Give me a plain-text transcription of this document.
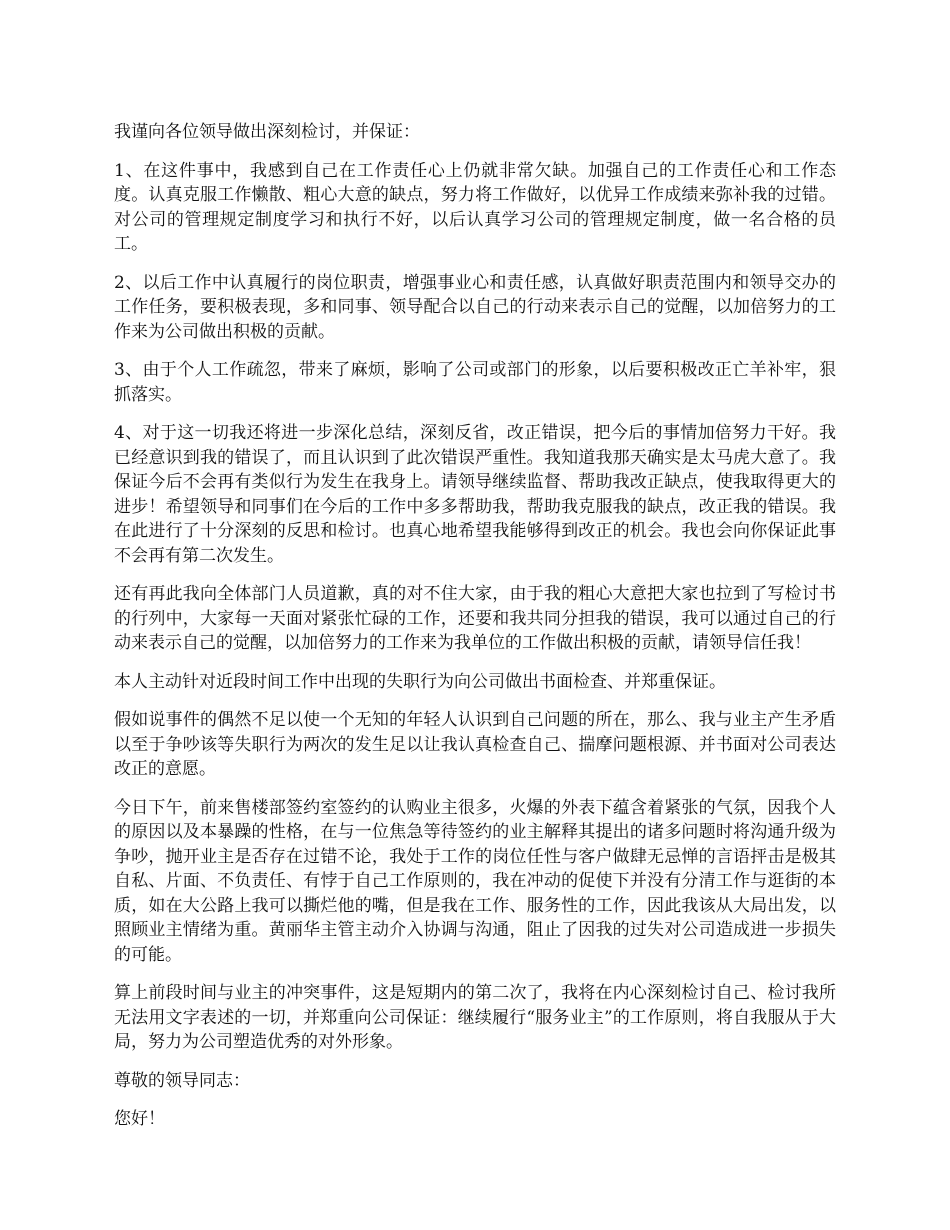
我谨向各位领导做出深刻检讨，并保证：

1、在这件事中，我感到自己在工作责任心上仍就非常欠缺。加强自己的工作责任心和工作态度。认真克服工作懒散、粗心大意的缺点，努力将工作做好，以优异工作成绩来弥补我的过错。对公司的管理规定制度学习和执行不好，以后认真学习公司的管理规定制度，做一名合格的员工。

2、以后工作中认真履行的岗位职责，增强事业心和责任感，认真做好职责范围内和领导交办的工作任务，要积极表现，多和同事、领导配合以自己的行动来表示自己的觉醒，以加倍努力的工作来为公司做出积极的贡献。

3、由于个人工作疏忽，带来了麻烦，影响了公司或部门的形象，以后要积极改正亡羊补牢，狠抓落实。

4、对于这一切我还将进一步深化总结，深刻反省，改正错误，把今后的事情加倍努力干好。我已经意识到我的错误了，而且认识到了此次错误严重性。我知道我那天确实是太马虎大意了。我保证今后不会再有类似行为发生在我身上。请领导继续监督、帮助我改正缺点，使我取得更大的进步！希望领导和同事们在今后的工作中多多帮助我，帮助我克服我的缺点，改正我的错误。我在此进行了十分深刻的反思和检讨。也真心地希望我能够得到改正的机会。我也会向你保证此事不会再有第二次发生。

还有再此我向全体部门人员道歉，真的对不住大家，由于我的粗心大意把大家也拉到了写检讨书的行列中，大家每一天面对紧张忙碌的工作，还要和我共同分担我的错误，我可以通过自己的行动来表示自己的觉醒，以加倍努力的工作来为我单位的工作做出积极的贡献，请领导信任我！

本人主动针对近段时间工作中出现的失职行为向公司做出书面检查、并郑重保证。

假如说事件的偶然不足以使一个无知的年轻人认识到自己问题的所在，那么、我与业主产生矛盾以至于争吵该等失职行为两次的发生足以让我认真检查自己、揣摩问题根源、并书面对公司表达改正的意愿。

今日下午，前来售楼部签约室签约的认购业主很多，火爆的外表下蕴含着紧张的气氛，因我个人的原因以及本暴躁的性格，在与一位焦急等待签约的业主解释其提出的诸多问题时将沟通升级为争吵，抛开业主是否存在过错不论，我处于工作的岗位任性与客户做肆无忌惮的言语抨击是极其自私、片面、不负责任、有悖于自己工作原则的，我在冲动的促使下并没有分清工作与逛街的本质，如在大公路上我可以撕烂他的嘴，但是我在工作、服务性的工作，因此我该从大局出发，以照顾业主情绪为重。黄丽华主管主动介入协调与沟通，阻止了因我的过失对公司造成进一步损失的可能。

算上前段时间与业主的冲突事件，这是短期内的第二次了，我将在内心深刻检讨自己、检讨我所无法用文字表述的一切，并郑重向公司保证：继续履行“服务业主”的工作原则，将自我服从于大局，努力为公司塑造优秀的对外形象。

尊敬的领导同志：

您好！
